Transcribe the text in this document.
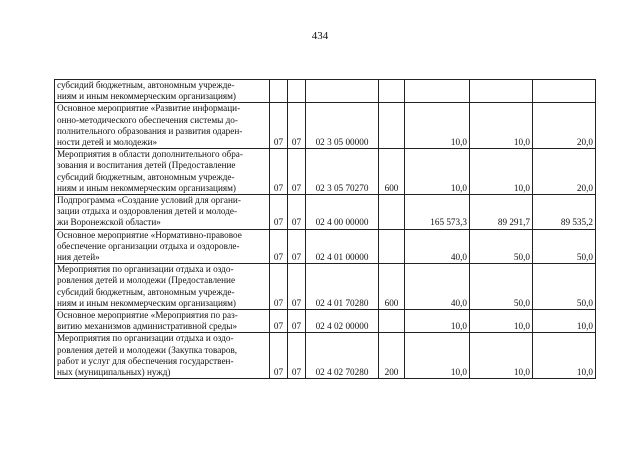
434
субсидий бюджетным, автономным учрежде-
ниям и иным некоммерческим организациям)							
Основное мероприятие «Развитие информаци-
онно-методического обеспечения системы до-
полнительного образования и развития одарен-
ности детей и молодежи»	07	07	02 3 05 00000		10,0	10,0	20,0
Мероприятия в области дополнительного обра-
зования и воспитания детей (Предоставление
субсидий бюджетным, автономным учрежде-
ниям и иным некоммерческим организациям)	07	07	02 3 05 70270	600	10,0	10,0	20,0
Подпрограмма «Создание условий для органи-
зации отдыха и оздоровления детей и молоде-
жи Воронежской области»	07	07	02 4 00 00000		165 573,3	89 291,7	89 535,2
Основное мероприятие «Нормативно-правовое
обеспечение организации отдыха и оздоровле-
ния детей»	07	07	02 4 01 00000		40,0	50,0	50,0
Мероприятия по организации отдыха и оздо-
ровления детей и молодежи (Предоставление
субсидий бюджетным, автономным учрежде-
ниям и иным некоммерческим организациям)	07	07	02 4 01 70280	600	40,0	50,0	50,0
Основное мероприятие «Мероприятия по раз-
витию механизмов административной среды»	07	07	02 4 02 00000		10,0	10,0	10,0
Мероприятия по организации отдыха и оздо-
ровления детей и молодежи (Закупка товаров,
работ и услуг для обеспечения государствен-
ных (муниципальных) нужд)	07	07	02 4 02 70280	200	10,0	10,0	10,0
